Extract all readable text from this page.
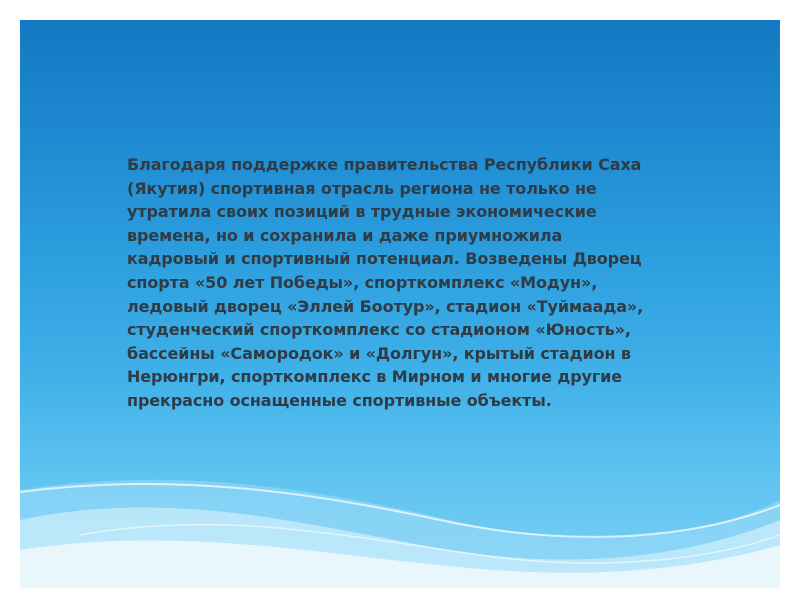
Благодаря поддержке правительства Республики Саха
(Якутия) спортивная отрасль региона не только не
утратила своих позиций в трудные экономические
времена, но и сохранила и даже приумножила
кадровый и спортивный потенциал. Возведены Дворец
спорта «50 лет Победы», спорткомплекс «Модун»,
ледовый дворец «Эллей Боотур», стадион «Туймаада»,
студенческий спорткомплекс со стадионом «Юность»,
бассейны «Самородок» и «Долгун», крытый стадион в
Нерюнгри, спорткомплекс в Мирном и многие другие
прекрасно оснащенные спортивные объекты.
